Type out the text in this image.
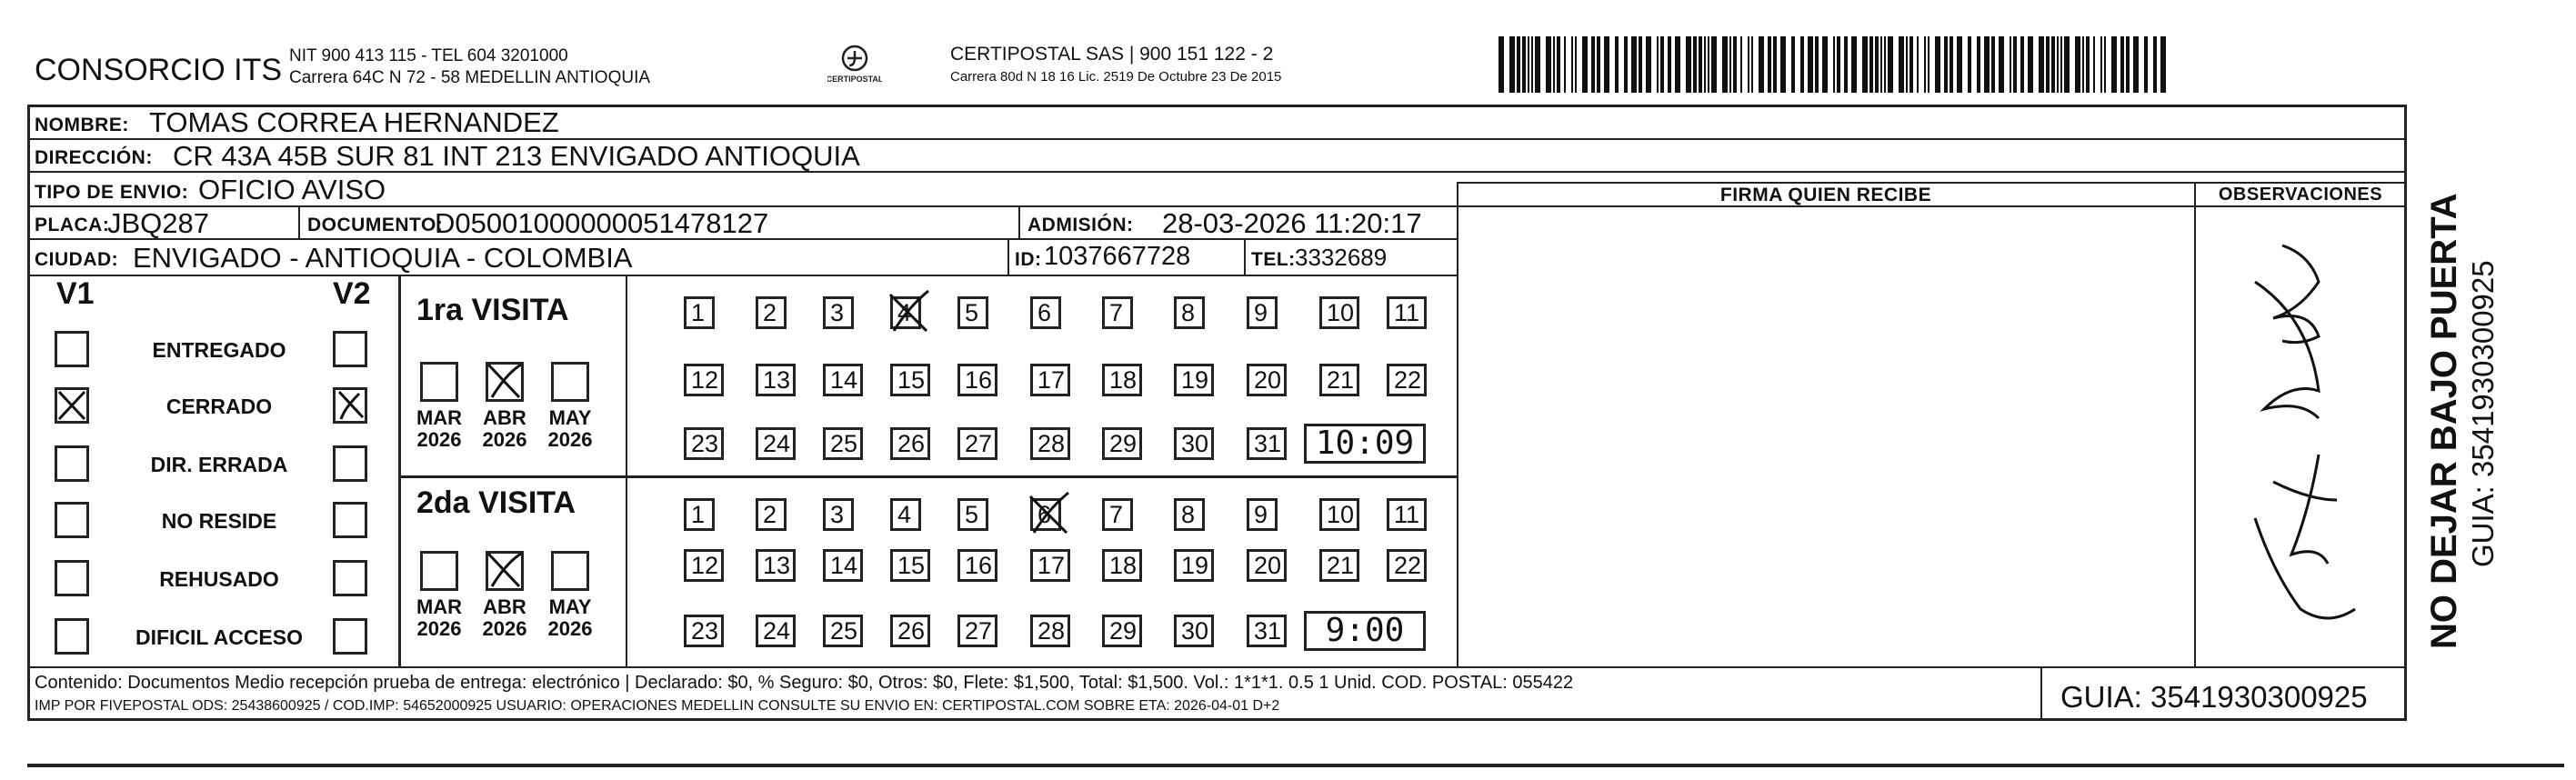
CONSORCIO ITS NIT 900 413 115 - TEL 604 3201000
Carrera 64C N 72 - 58 MEDELLIN ANTIOQUIA	CERTIPOSTAL
CERTIPOSTAL SAS | 900 151 122 - 2
Carrera 80d N 18 16 Lic. 2519 De Octubre 23 De 2015
NOMBRE: TOMAS CORREA HERNANDEZ
DIRECCIÓN: CR 43A 45B SUR 81 INT 213 ENVIGADO ANTIOQUIA
TIPO DE ENVIO: OFICIO AVISO
PLACA:
JBQ287	DOCUMENTO:
D05001000000051478127	ADMISIÓN: 28-03-2026 11:20:17
CIUDAD: ENVIGADO - ANTIOQUIA - COLOMBIA	ID: 1037667728	TEL: 3332689
FIRMA QUIEN RECIBE	OBSERVACIONES
V1	V2
ENTREGADO
CERRADO
DIR. ERRADA
NO RESIDE
REHUSADO
DIFICIL ACCESO
1ra VISITA
2da VISITA
MAR
2026
ABR
2026
MAY
2026
1	2	3	4	5	6	7	8	9	10 11
12 13 14 15 16 17 18 19 20 21 22
23 24 25 26 27 28 29 30 31	10:09
MAR
2026
ABR
2026
MAY
2026
1	2	3	4	5	6	7	8	9	10 11
12 13 14 15 16 17 18 19 20 21 22
23 24 25 26 27 28 29 30 31	9:00
Contenido: Documentos Medio recepción prueba de entrega: electrónico | Declarado: $0, % Seguro: $0, Otros: $0, Flete: $1,500, Total: $1,500. Vol.: 1*1*1. 0.5 1 Unid. COD. POSTAL: 055422
IMP POR FIVEPOSTAL ODS: 25438600925 / COD.IMP: 54652000925 USUARIO: OPERACIONES MEDELLIN CONSULTE SU ENVIO EN: CERTIPOSTAL.COM SOBRE ETA: 2026-04-01 D+2	GUIA: 3541930300925
NO DEJAR BAJO PUERTA GUIA: 3541930300925
